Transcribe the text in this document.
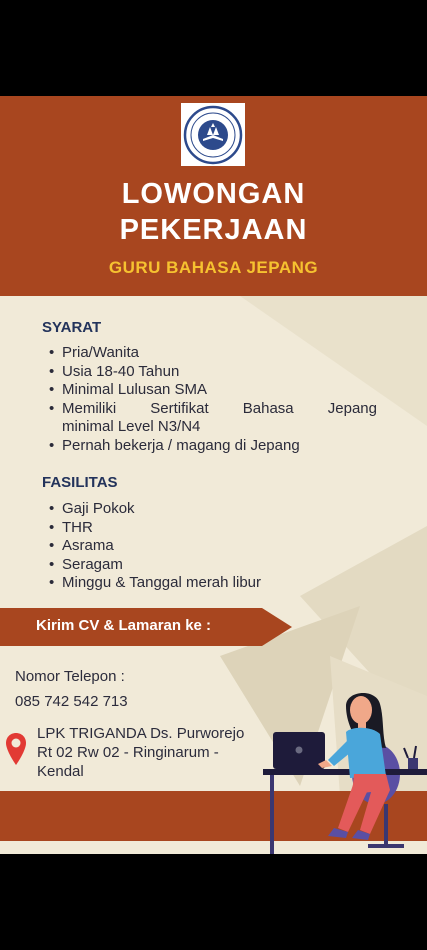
LOWONGAN
PEKERJAAN
GURU BAHASA JEPANG
SYARAT
• Pria/Wanita
• Usia 18-40 Tahun
• Minimal Lulusan SMA
• Memiliki Sertifikat Bahasa Jepang
minimal Level N3/N4
• Pernah bekerja / magang di Jepang
FASILITAS
• Gaji Pokok
• THR
• Asrama
• Seragam
• Minggu & Tanggal merah libur
Kirim CV & Lamaran ke :
Nomor Telepon :
085 742 542 713
LPK TRIGANDA Ds. Purworejo
Rt 02 Rw 02 - Ringinarum -
Kendal
